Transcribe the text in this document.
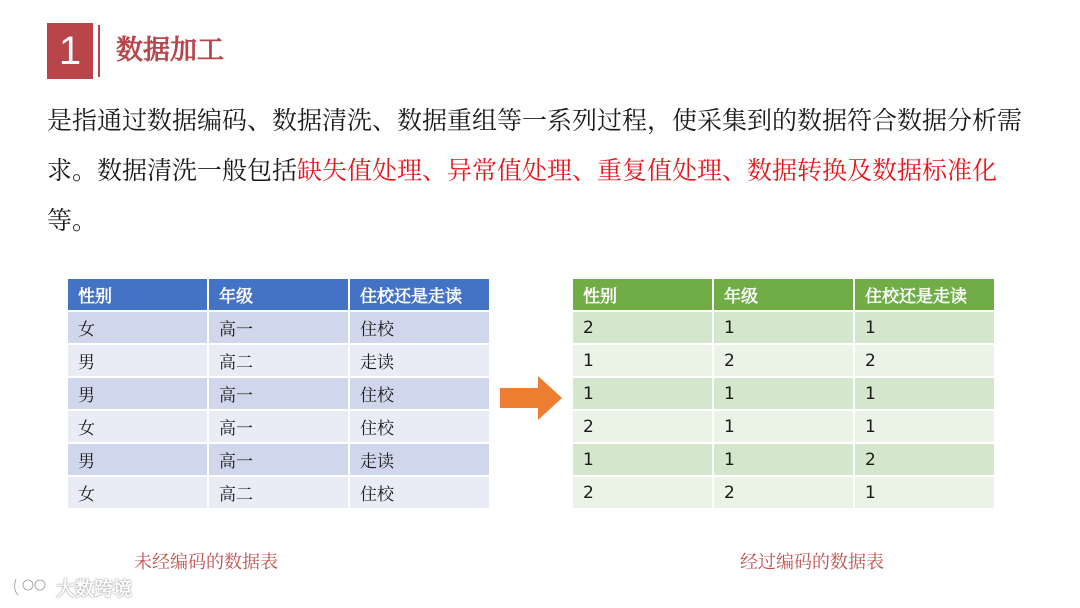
1 数据加工
是指通过数据编码、数据清洗、数据重组等一系列过程，使采集到的数据符合数据分析需求。数据清洗一般包括缺失值处理、异常值处理、重复值处理、数据转换及数据标准化等。
性别	年级	住校还是走读
女	高一	住校
男	高二	走读
男	高一	住校
女	高一	住校
男	高一	走读
女	高二	住校
性别	年级	住校还是走读
2	1	1
1	2	2
1	1	1
2	1	1
1	1	2
2	2	1
未经编码的数据表	经过编码的数据表
大数跨境
